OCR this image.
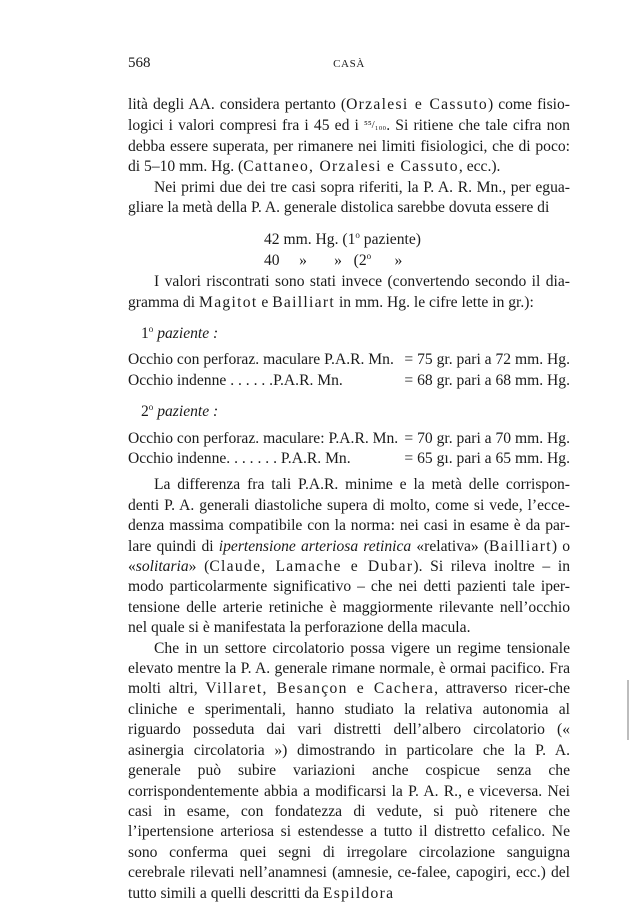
568	CASÀ

lità degli AA. considera pertanto (Orzalesi e Cassuto) come fisio- logici i valori compresi fra i 45 ed i ⁵⁵/₁₀₀. Si ritiene che tale cifra non debba essere superata, per rimanere nei limiti fisiologici, che di poco: di 5–10 mm. Hg. (Cattaneo, Orzalesi e Cassuto, ecc.).

Nei primi due dei tre casi sopra riferiti, la P. A. R. Mn., per egua-gliare la metà della P. A. generale distolica sarebbe dovuta essere di

42 mm. Hg. (1$^o$ paziente)
40     »       »   (2$^o$      »

I valori riscontrati sono stati invece (convertendo secondo il dia-gramma di Magitot e Bailliart in mm. Hg. le cifre lette in gr.):

1$^o$ paziente :
Occhio con perforaz. maculare P.A.R. Mn. = 75 gr. pari a 72 mm. Hg.
Occhio indenne . . . . . .P.A.R. Mn.	= 68 gr. pari a 68 mm. Hg.
2$^o$ paziente :
Occhio con perforaz. maculare: P.A.R. Mn. = 70 gr. pari a 70 mm. Hg.
Occhio indenne. . . . . . . P.A.R. Mn.	= 65 gı. pari a 65 mm. Hg.

La differenza fra tali P.A.R. minime e la metà delle corrispon-denti P. A. generali diastoliche supera di molto, come si vede, l’ecce-denza massima compatibile con la norma: nei casi in esame è da par-lare quindi di ipertensione arteriosa retinica «relativa» (Bailliart) o «solitaria» (Claude, Lamache e Dubar). Si rileva inoltre – in modo particolarmente significativo – che nei detti pazienti tale iper-tensione delle arterie retiniche è maggiormente rilevante nell’occhio nel quale si è manifestata la perforazione della macula.

Che in un settore circolatorio possa vigere un regime tensionale elevato mentre la P. A. generale rimane normale, è ormai pacifico. Fra molti altri, Villaret, Besançon e Cachera, attraverso ricer-che cliniche e sperimentali, hanno studiato la relativa autonomia al riguardo posseduta dai vari distretti dell’albero circolatorio (« asinergia circolatoria ») dimostrando in particolare che la P. A. generale può subire variazioni anche cospicue senza che corrispondentemente abbia a modificarsi la P. A. R., e viceversa. Nei casi in esame, con fondatezza di vedute, si può ritenere che l’ipertensione arteriosa si estendesse a tutto il distretto cefalico. Ne sono conferma quei segni di irregolare circolazione sanguigna cerebrale rilevati nell’anamnesi (amnesie, ce-falee, capogiri, ecc.) del tutto simili a quelli descritti da Espildora
